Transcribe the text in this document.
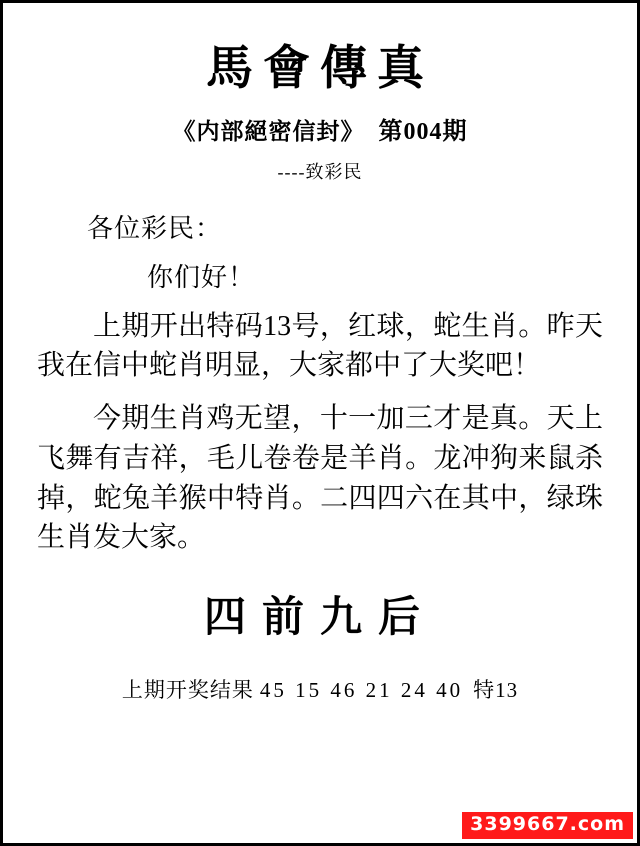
馬會傳真
《内部絕密信封》 第004期
----致彩民
各位彩民：
你们好！
上期开出特码13号，红球，蛇生肖。昨天我在信中蛇肖明显，大家都中了大奖吧！
今期生肖鸡无望，十一加三才是真。天上飞舞有吉祥，毛儿卷卷是羊肖。龙冲狗来鼠杀掉，蛇兔羊猴中特肖。二四四六在其中，绿珠生肖发大家。
四前九后
上期开奖结果 45 15 46 21 24 40 特13
3399667.com
